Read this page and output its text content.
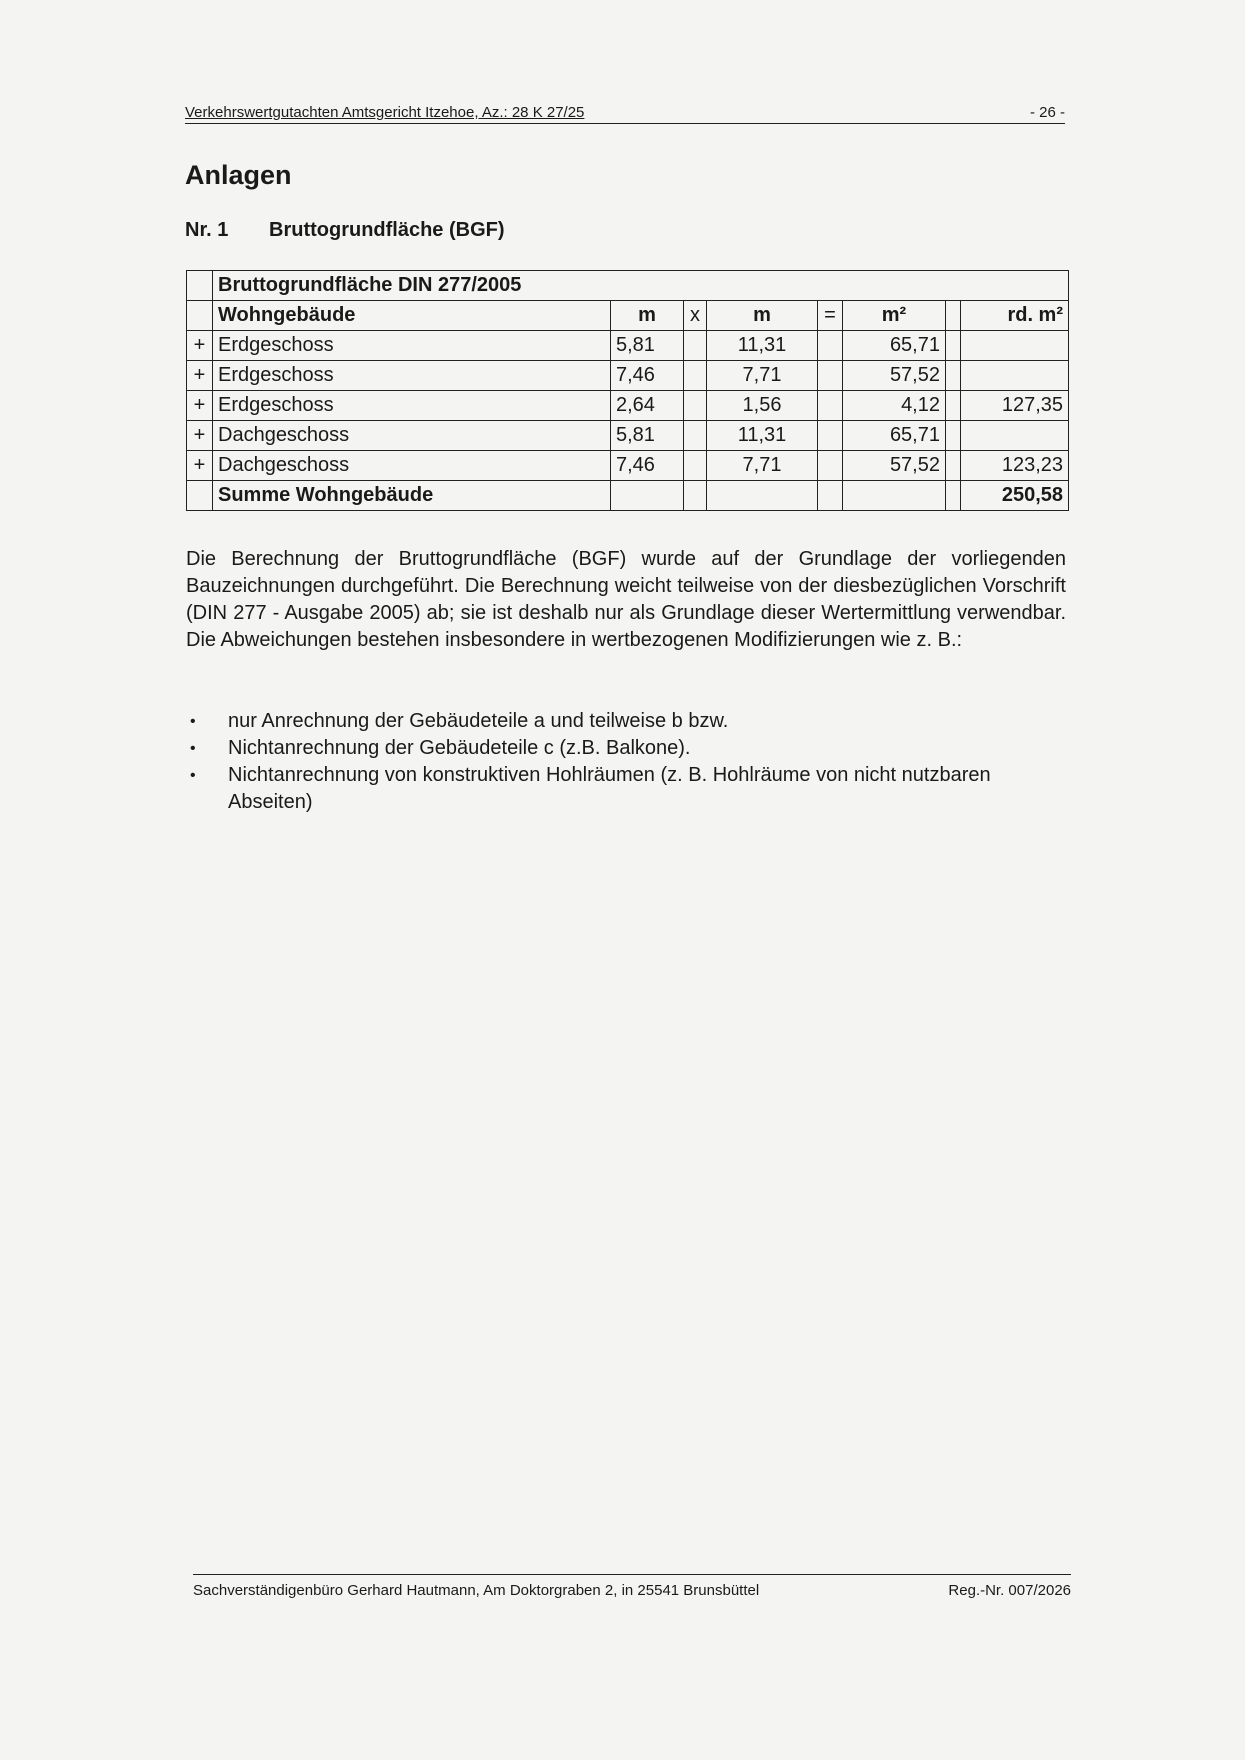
Verkehrswertgutachten Amtsgericht Itzehoe, Az.: 28 K 27/25	- 26 -
Anlagen
Nr. 1 Bruttogrundfläche (BGF)
	Bruttogrundfläche DIN 277/2005							
	Wohngebäude	m	x	m	=	m²		rd. m²
+	Erdgeschoss	5,81		11,31		65,71		
+	Erdgeschoss	7,46		7,71		57,52		
+	Erdgeschoss	2,64		1,56		4,12		127,35
+	Dachgeschoss	5,81		11,31		65,71		
+	Dachgeschoss	7,46		7,71		57,52		123,23
	Summe Wohngebäude							250,58
Die Berechnung der Bruttogrundfläche (BGF) wurde auf der Grundlage der vorliegenden Bauzeichnungen durchgeführt. Die Berechnung weicht teilweise von der diesbezüglichen Vorschrift (DIN 277 - Ausgabe 2005) ab; sie ist deshalb nur als Grundlage dieser Wertermittlung verwendbar. Die Abweichungen bestehen insbesondere in wertbezogenen Modifizierungen wie z. B.:
• nur Anrechnung der Gebäudeteile a und teilweise b bzw.
• Nichtanrechnung der Gebäudeteile c (z.B. Balkone).
• Nichtanrechnung von konstruktiven Hohlräumen (z. B. Hohlräume von nicht nutzbaren Abseiten)
Sachverständigenbüro Gerhard Hautmann, Am Doktorgraben 2, in 25541 Brunsbüttel	Reg.-Nr. 007/2026
